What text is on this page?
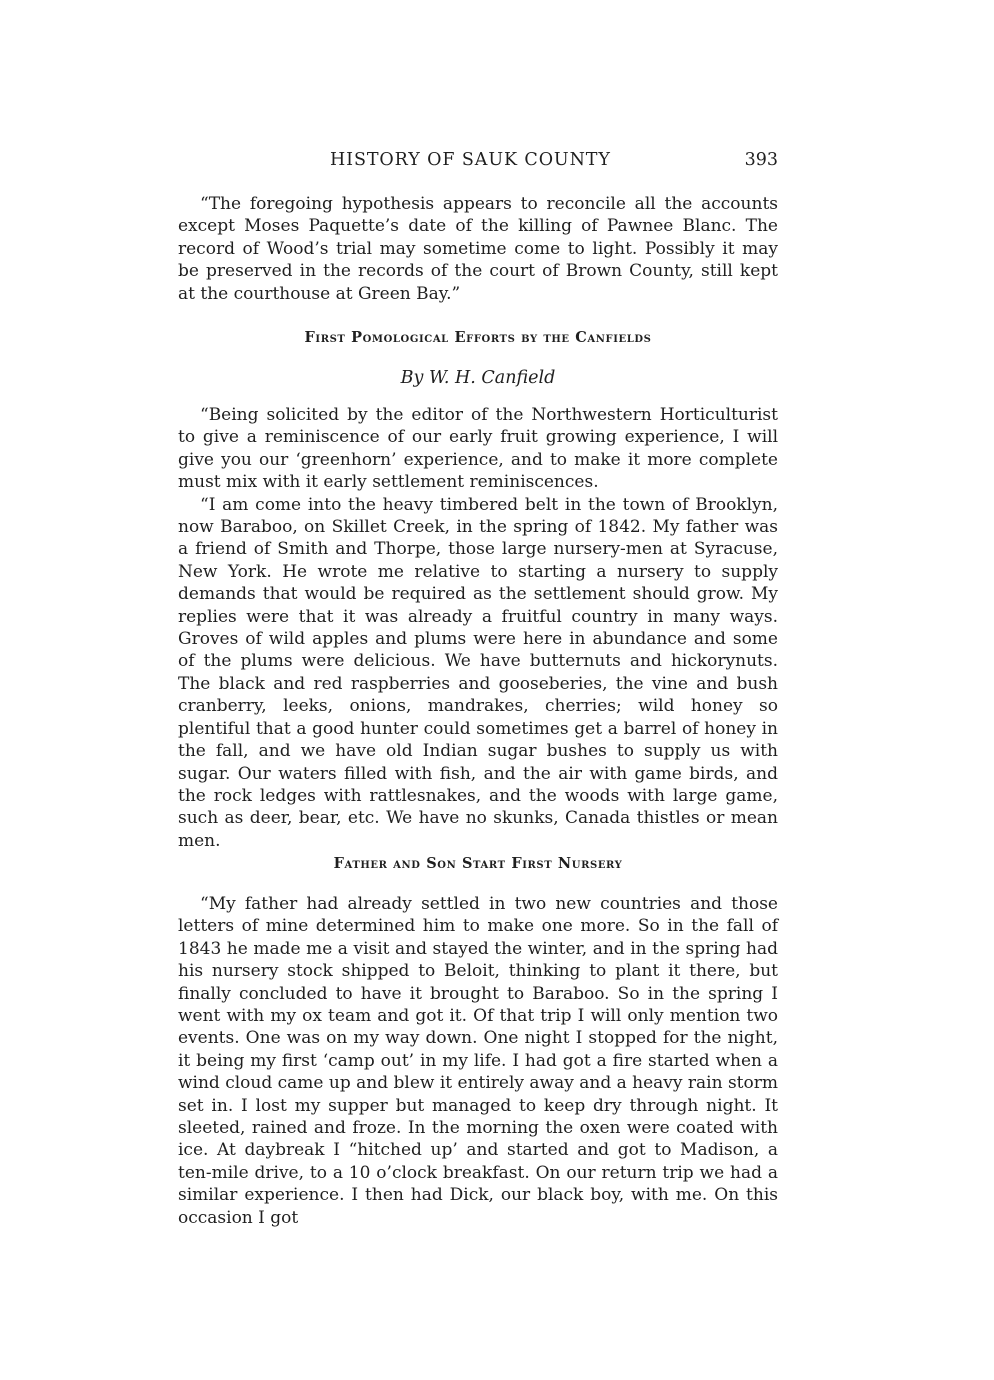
HISTORY OF SAUK COUNTY	393

“The foregoing hypothesis appears to reconcile all the accounts except Moses Paquette’s date of the killing of Pawnee Blanc. The record of Wood’s trial may sometime come to light. Possibly it may be preserved in the records of the court of Brown County, still kept at the courthouse at Green Bay.”

First Pomological Efforts by the Canfields
By W. H. Canfield

“Being solicited by the editor of the Northwestern Horticulturist to give a reminiscence of our early fruit growing experience, I will give you our ‘greenhorn’ experience, and to make it more complete must mix with it early settlement reminiscences.

“I am come into the heavy timbered belt in the town of Brooklyn, now Baraboo, on Skillet Creek, in the spring of 1842. My father was a friend of Smith and Thorpe, those large nursery-men at Syracuse, New York. He wrote me relative to starting a nursery to supply demands that would be required as the settlement should grow. My replies were that it was already a fruitful country in many ways. Groves of wild apples and plums were here in abundance and some of the plums were delicious. We have butternuts and hickorynuts. The black and red raspberries and gooseberies, the vine and bush cranberry, leeks, onions, mandrakes, cherries; wild honey so plentiful that a good hunter could sometimes get a barrel of honey in the fall, and we have old Indian sugar bushes to supply us with sugar. Our waters filled with fish, and the air with game birds, and the rock ledges with rattlesnakes, and the woods with large game, such as deer, bear, etc. We have no skunks, Canada thistles or mean men.

Father and Son Start First Nursery

“My father had already settled in two new countries and those letters of mine determined him to make one more. So in the fall of 1843 he made me a visit and stayed the winter, and in the spring had his nursery stock shipped to Beloit, thinking to plant it there, but finally concluded to have it brought to Baraboo. So in the spring I went with my ox team and got it. Of that trip I will only mention two events. One was on my way down. One night I stopped for the night, it being my first ‘camp out’ in my life. I had got a fire started when a wind cloud came up and blew it entirely away and a heavy rain storm set in. I lost my supper but managed to keep dry through night. It sleeted, rained and froze. In the morning the oxen were coated with ice. At daybreak I “hitched up’ and started and got to Madison, a ten-mile drive, to a 10 o’clock breakfast. On our return trip we had a similar experience. I then had Dick, our black boy, with me. On this occasion I got
